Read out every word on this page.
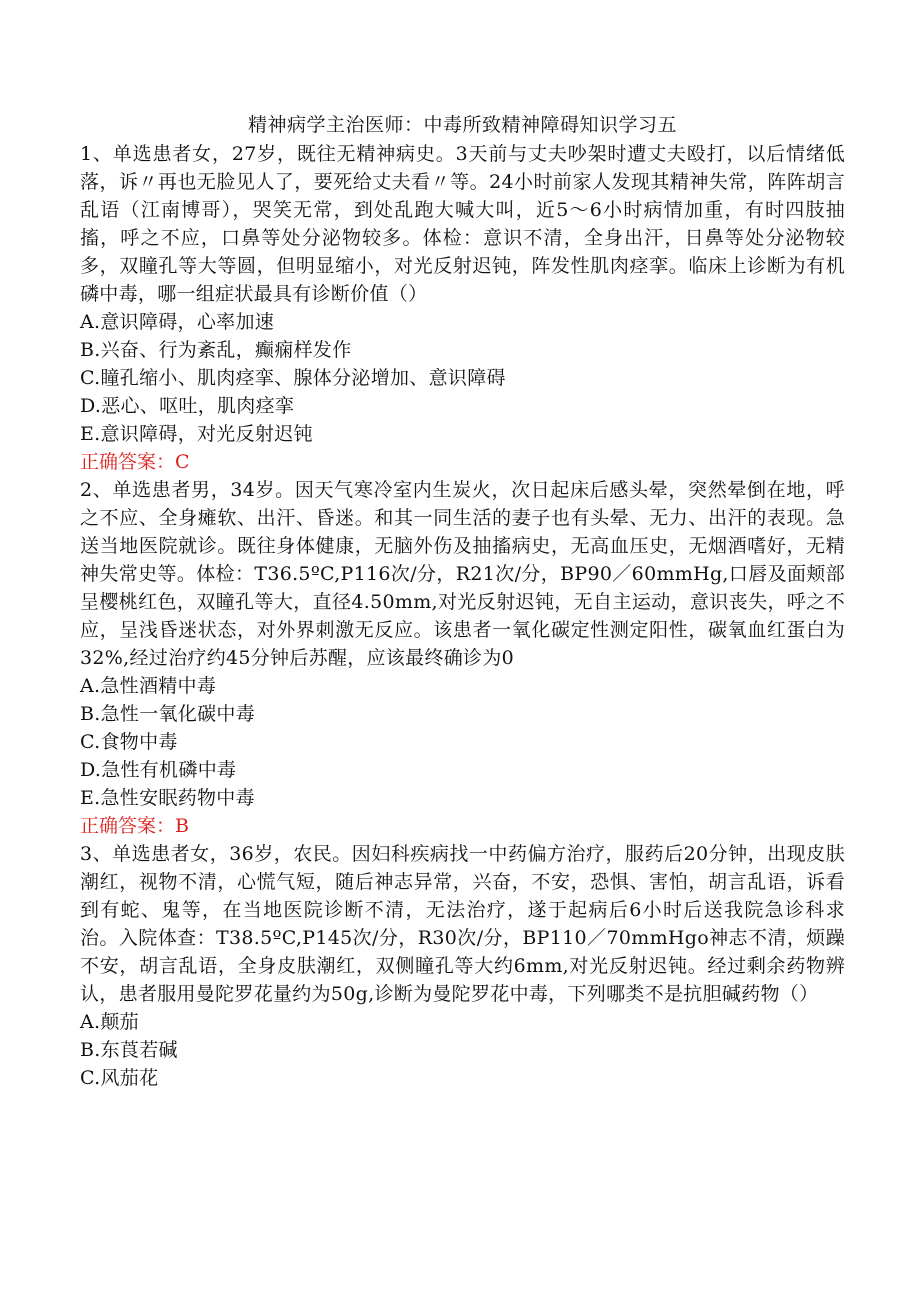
精神病学主治医师：中毒所致精神障碍知识学习五

1、单选患者女，27岁，既往无精神病史。3天前与丈夫吵架时遭丈夫殴打，以后情绪低落，诉〃再也无脸见人了，要死给丈夫看〃等。24小时前家人发现其精神失常，阵阵胡言乱语（江南博哥），哭笑无常，到处乱跑大喊大叫，近5～6小时病情加重，有时四肢抽搐，呼之不应，口鼻等处分泌物较多。体检：意识不清，全身出汗，日鼻等处分泌物较多，双瞳孔等大等圆，但明显缩小，对光反射迟钝，阵发性肌肉痉挛。临床上诊断为有机磷中毒，哪一组症状最具有诊断价值（）

A.意识障碍，心率加速

B.兴奋、行为紊乱，癫痫样发作

C.瞳孔缩小、肌肉痉挛、腺体分泌增加、意识障碍

D.恶心、呕吐，肌肉痉挛

E.意识障碍，对光反射迟钝

正确答案：C

2、单选患者男，34岁。因天气寒冷室内生炭火，次日起床后感头晕，突然晕倒在地，呼之不应、全身瘫软、出汗、昏迷。和其一同生活的妻子也有头晕、无力、出汗的表现。急送当地医院就诊。既往身体健康，无脑外伤及抽搐病史，无高血压史，无烟酒嗜好，无精神失常史等。体检：T36.5ºC,P116次/分，R21次/分，BP90／60mmHg,口唇及面颊部呈樱桃红色，双瞳孔等大，直径4.50mm,对光反射迟钝，无自主运动，意识丧失，呼之不应，呈浅昏迷状态，对外界刺激无反应。该患者一氧化碳定性测定阳性，碳氧血红蛋白为32%,经过治疗约45分钟后苏醒，应该最终确诊为0

A.急性酒精中毒

B.急性一氧化碳中毒

C.食物中毒

D.急性有机磷中毒

E.急性安眠药物中毒

正确答案：B

3、单选患者女，36岁，农民。因妇科疾病找一中药偏方治疗，服药后20分钟，出现皮肤潮红，视物不清，心慌气短，随后神志异常，兴奋，不安，恐惧、害怕，胡言乱语，诉看到有蛇、鬼等，在当地医院诊断不清，无法治疗，遂于起病后6小时后送我院急诊科求治。入院体查：T38.5ºC,P145次/分，R30次/分，BP110／70mmHgo神志不清，烦躁不安，胡言乱语，全身皮肤潮红，双侧瞳孔等大约6mm,对光反射迟钝。经过剩余药物辨认，患者服用曼陀罗花量约为50g,诊断为曼陀罗花中毒，下列哪类不是抗胆碱药物（）

A.颠茄

B.东莨若碱

C.风茄花
